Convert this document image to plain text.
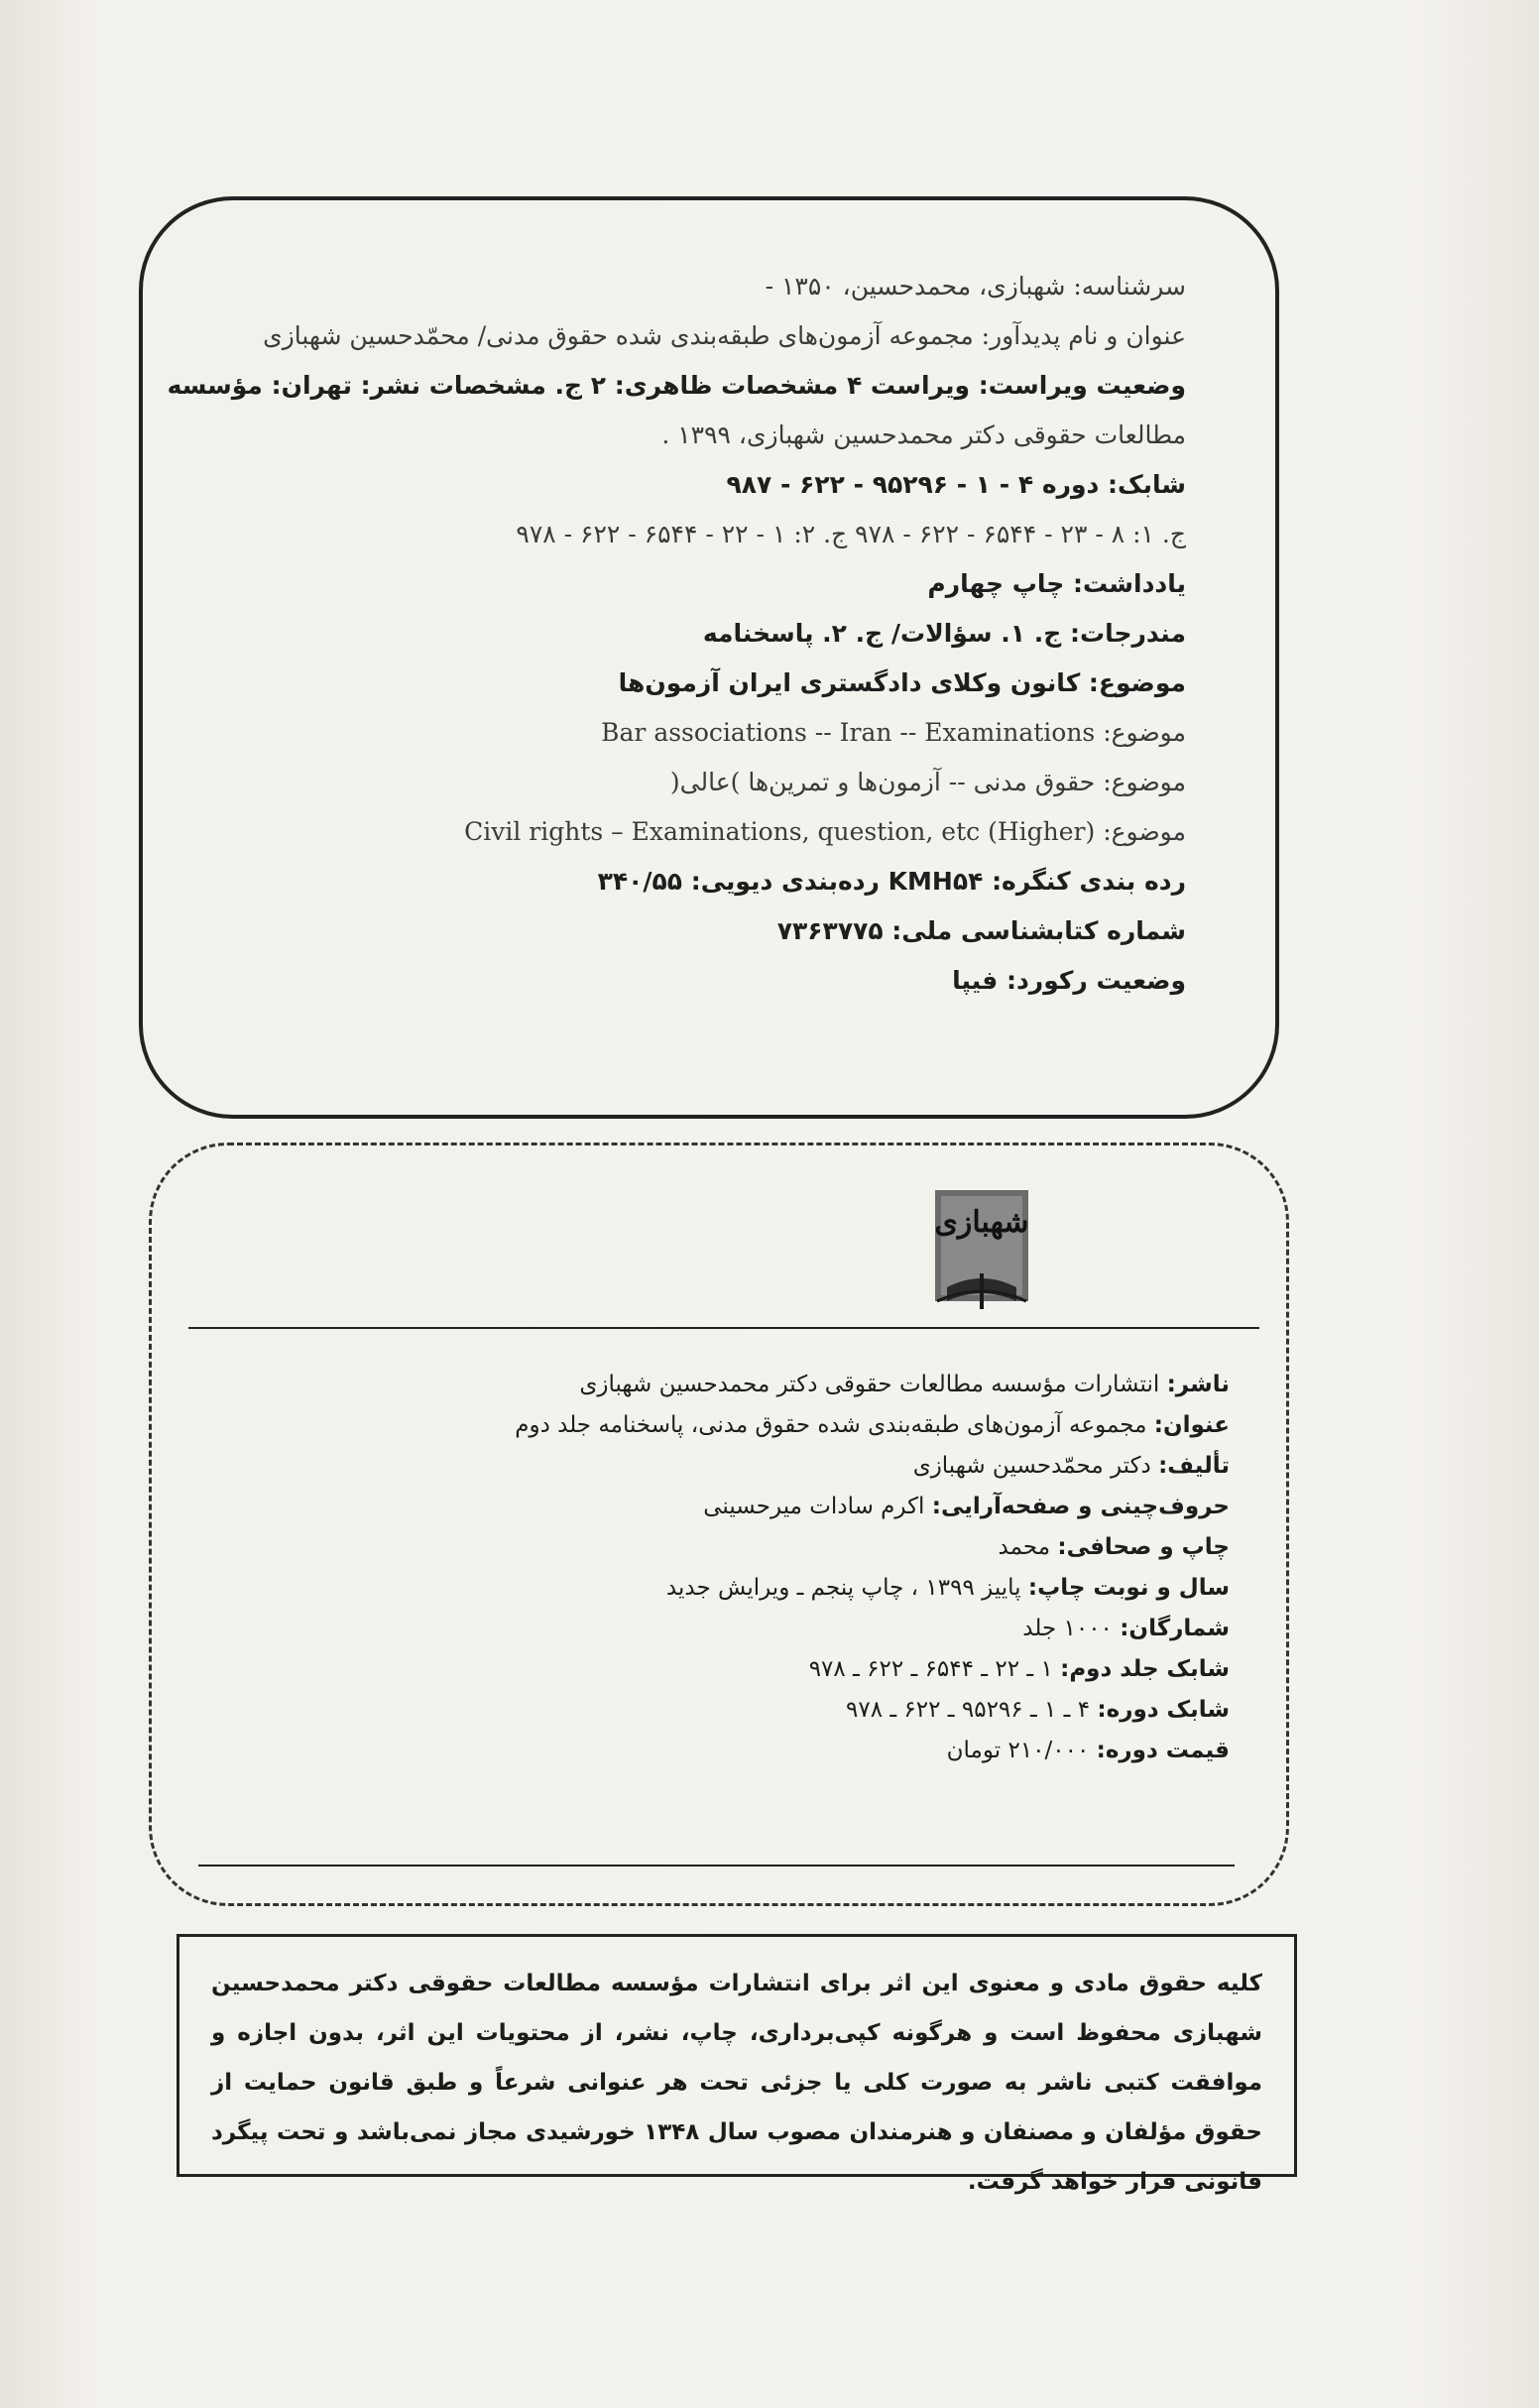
سرشناسه: شهبازی، محمدحسین، ۱۳۵۰ -
عنوان و نام پدیدآور: مجموعه آزمون‌های طبقه‌بندی شده حقوق مدنی/ محمّدحسین شهبازی
وضعیت ویراست: ویراست ۴ مشخصات ظاهری: ۲ ج. مشخصات نشر: تهران: مؤسسه
مطالعات حقوقی دکتر محمدحسین شهبازی، ۱۳۹۹ .
شابک: دوره ۴ - ۱ - ۹۵۲۹۶ - ۶۲۲ - ۹۸۷
ج. ۱: ۸ - ۲۳ - ۶۵۴۴ - ۶۲۲ - ۹۷۸ ج. ۲: ۱ - ۲۲ - ۶۵۴۴ - ۶۲۲ - ۹۷۸
یادداشت: چاپ چهارم
مندرجات: ج. ۱. سؤالات/ ج. ۲. پاسخنامه
موضوع: کانون وکلای دادگستری ایران آزمون‌ها
موضوع: Bar associations -- Iran -- Examinations
موضوع: حقوق مدنی -- آزمون‌ها و تمرین‌ها )عالی(
موضوع: Civil rights – Examinations, question, etc (Higher)
رده بندی کنگره: KMH۵۴ رده‌بندی دیویی: ۳۴۰/۵۵
شماره کتابشناسی ملی: ۷۳۶۳۷۷۵
وضعیت رکورد: فیپا
شهبازی
ناشر: انتشارات مؤسسه مطالعات حقوقی دکتر محمدحسین شهبازی
عنوان: مجموعه آزمون‌های طبقه‌بندی شده حقوق مدنی، پاسخنامه جلد دوم
تألیف: دکتر محمّدحسین شهبازی
حروف‌چینی و صفحه‌آرایی: اکرم سادات میرحسینی
چاپ و صحافی: محمد
سال و نوبت چاپ: پاییز ۱۳۹۹ ، چاپ پنجم ـ ویرایش جدید
شمارگان: ۱۰۰۰ جلد
شابک جلد دوم: ۱ ـ ۲۲ ـ ۶۵۴۴ ـ ۶۲۲ ـ ۹۷۸
شابک دوره: ۴ ـ ۱ ـ ۹۵۲۹۶ ـ ۶۲۲ ـ ۹۷۸
قیمت دوره: ۲۱۰/۰۰۰ تومان
کلیه حقوق مادی و معنوی این اثر برای انتشارات مؤسسه مطالعات حقوقی دکتر محمدحسین شهبازی محفوظ است و هرگونه کپی‌برداری، چاپ، نشر، از محتویات این اثر، بدون اجازه و موافقت کتبی ناشر به صورت کلی یا جزئی تحت هر عنوانی شرعاً و طبق قانون حمایت از حقوق مؤلفان و مصنفان و هنرمندان مصوب سال ۱۳۴۸ خورشیدی مجاز نمی‌باشد و تحت پیگرد قانونی قرار خواهد گرفت.
